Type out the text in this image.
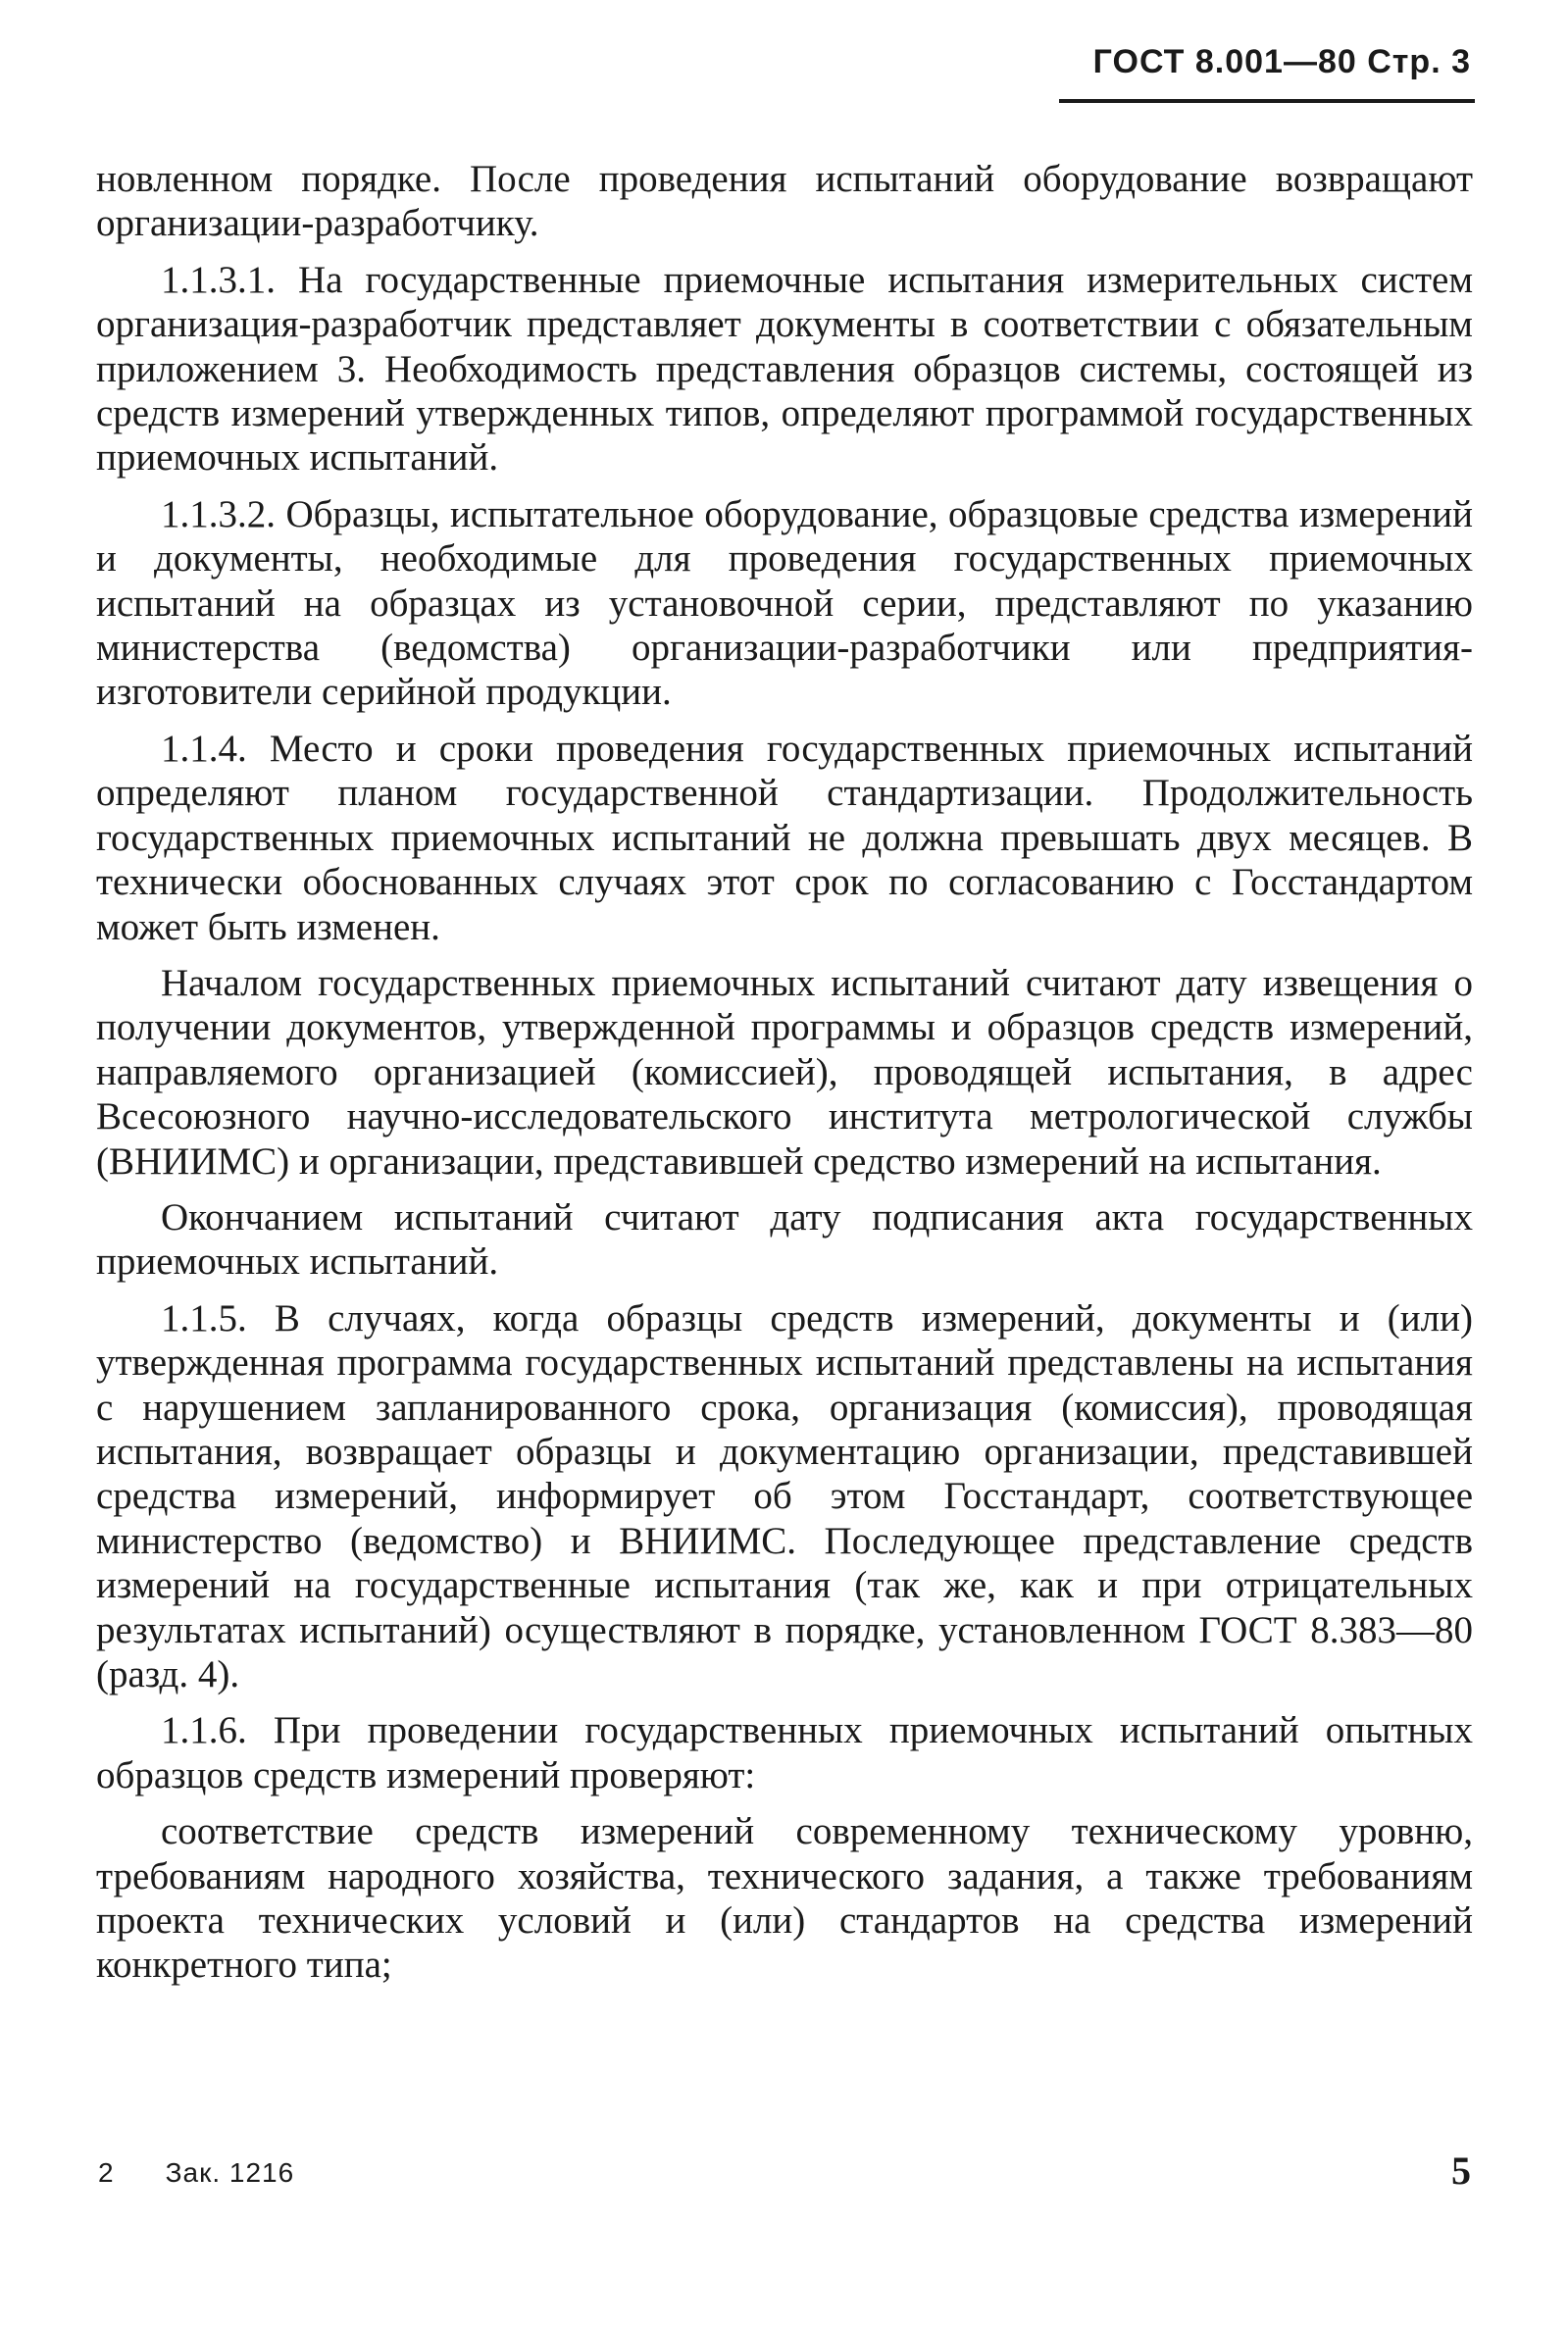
ГОСТ 8.001—80 Стр. 3

новленном порядке. После проведения испытаний оборудование возвращают организации-разработчику.

1.1.3.1. На государственные приемочные испытания измерительных систем организация-разработчик представляет документы в соответствии с обязательным приложением 3. Необходимость представления образцов системы, состоящей из средств измерений утвержденных типов, определяют программой государственных приемочных испытаний.

1.1.3.2. Образцы, испытательное оборудование, образцовые средства измерений и документы, необходимые для проведения государственных приемочных испытаний на образцах из установочной серии, представляют по указанию министерства (ведомства) организации-разработчики или предприятия-изготовители серийной продукции.

1.1.4. Место и сроки проведения государственных приемочных испытаний определяют планом государственной стандартизации. Продолжительность государственных приемочных испытаний не должна превышать двух месяцев. В технически обоснованных случаях этот срок по согласованию с Госстандартом может быть изменен.

Началом государственных приемочных испытаний считают дату извещения о получении документов, утвержденной программы и образцов средств измерений, направляемого организацией (комиссией), проводящей испытания, в адрес Всесоюзного научно-исследовательского института метрологической службы (ВНИИМС) и организации, представившей средство измерений на испытания.

Окончанием испытаний считают дату подписания акта государственных приемочных испытаний.

1.1.5. В случаях, когда образцы средств измерений, документы и (или) утвержденная программа государственных испытаний представлены на испытания с нарушением запланированного срока, организация (комиссия), проводящая испытания, возвращает образцы и документацию организации, представившей средства измерений, информирует об этом Госстандарт, соответствующее министерство (ведомство) и ВНИИМС. Последующее представление средств измерений на государственные испытания (так же, как и при отрицательных результатах испытаний) осуществляют в порядке, установленном ГОСТ 8.383—80 (разд. 4).

1.1.6. При проведении государственных приемочных испытаний опытных образцов средств измерений проверяют:

соответствие средств измерений современному техническому уровню, требованиям народного хозяйства, технического задания, а также требованиям проекта технических условий и (или) стандартов на средства измерений конкретного типа;

2 Зак. 1216	5
